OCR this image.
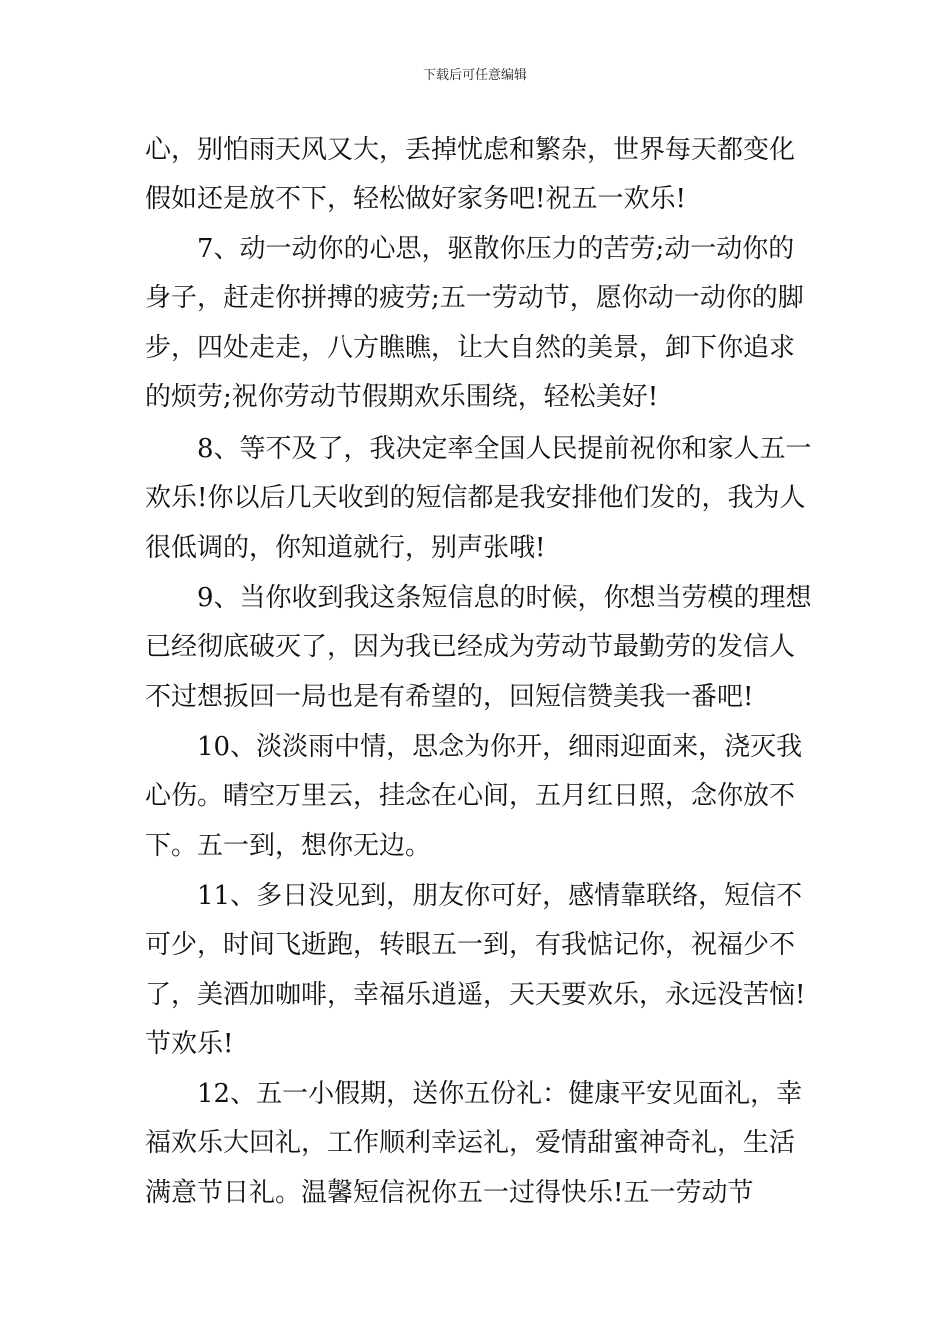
下载后可任意编辑
心，别怕雨天风又大，丢掉忧虑和繁杂，世界每天都变化
假如还是放不下，轻松做好家务吧!祝五一欢乐!
7、动一动你的心思，驱散你压力的苦劳;动一动你的
身子，赶走你拼搏的疲劳;五一劳动节，愿你动一动你的脚
步，四处走走，八方瞧瞧，让大自然的美景，卸下你追求
的烦劳;祝你劳动节假期欢乐围绕，轻松美好!
8、等不及了，我决定率全国人民提前祝你和家人五一
欢乐!你以后几天收到的短信都是我安排他们发的，我为人
很低调的，你知道就行，别声张哦!
9、当你收到我这条短信息的时候，你想当劳模的理想
已经彻底破灭了，因为我已经成为劳动节最勤劳的发信人
不过想扳回一局也是有希望的，回短信赞美我一番吧!
10、淡淡雨中情，思念为你开，细雨迎面来，浇灭我
心伤。晴空万里云，挂念在心间，五月红日照，念你放不
下。五一到，想你无边。
11、多日没见到，朋友你可好，感情靠联络，短信不
可少，时间飞逝跑，转眼五一到，有我惦记你，祝福少不
了，美酒加咖啡，幸福乐逍遥，天天要欢乐，永远没苦恼!
节欢乐!
12、五一小假期，送你五份礼：健康平安见面礼，幸
福欢乐大回礼，工作顺利幸运礼，爱情甜蜜神奇礼，生活
满意节日礼。温馨短信祝你五一过得快乐!五一劳动节
